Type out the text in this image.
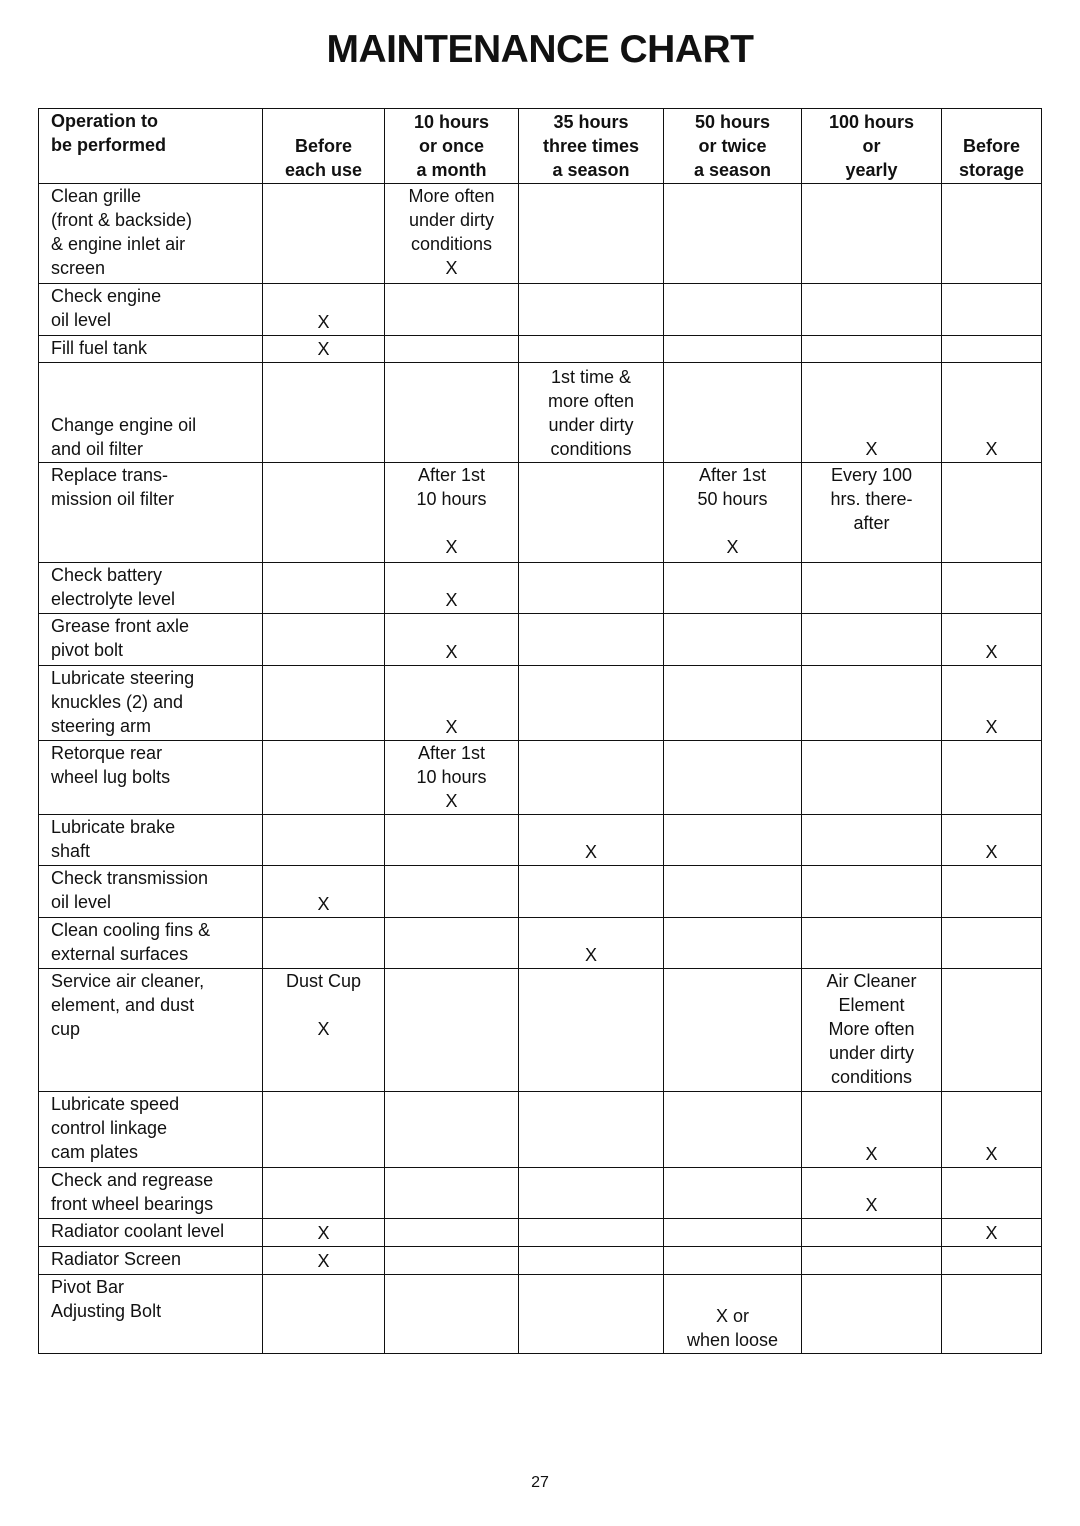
MAINTENANCE CHART
Operation to
be performed	Before
each use	10 hours
or once
a month	35 hours
three times
a season	50 hours
or twice
a season	100 hours
or
yearly	Before
storage
Clean grille
(front & backside)
& engine inlet air
screen		More often
under dirty
conditions
X				
Check engine
oil level	X					
Fill fuel tank	X					
Change engine oil
and oil filter			1st time &
more often
under dirty
conditions		X	X
Replace trans-
mission oil filter		After 1st
10 hours

X		After 1st
50 hours

X	Every 100
hrs. there-
after	
Check battery
electrolyte level		X				
Grease front axle
pivot bolt		X				X
Lubricate steering
knuckles (2) and
steering arm		X				X
Retorque rear
wheel lug bolts		After 1st
10 hours
X				
Lubricate brake
shaft			X			X
Check transmission
oil level	X					
Clean cooling fins &
external surfaces			X			
Service air cleaner,
element, and dust
cup	Dust Cup

X				Air Cleaner
Element
More often
under dirty
conditions	
Lubricate speed
control linkage
cam plates					X	X
Check and regrease
front wheel bearings					X	
Radiator coolant level	X					X
Radiator Screen	X					
Pivot Bar
Adjusting Bolt				X or
when loose		
27
